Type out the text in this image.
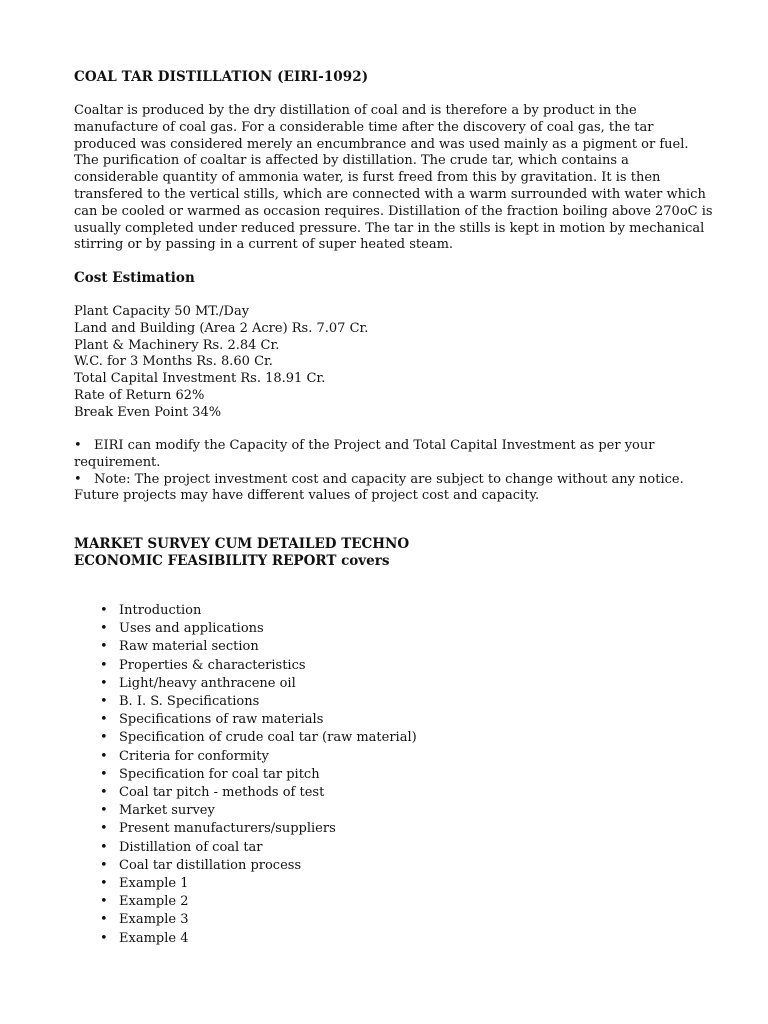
COAL TAR DISTILLATION (EIRI-1092)

Coaltar is produced by the dry distillation of coal and is therefore a by product in the manufacture of coal gas. For a considerable time after the discovery of coal gas, the tar produced was considered merely an encumbrance and was used mainly as a pigment or fuel. The purification of coaltar is affected by distillation. The crude tar, which contains a considerable quantity of ammonia water, is furst freed from this by gravitation. It is then transfered to the vertical stills, which are connected with a warm surrounded with water which can be cooled or warmed as occasion requires. Distillation of the fraction boiling above 270oC is usually completed under reduced pressure. The tar in the stills is kept in motion by mechanical stirring or by passing in a current of super heated steam.

Cost Estimation
Plant Capacity 50 MT./Day
Land and Building (Area 2 Acre) Rs. 7.07 Cr.
Plant & Machinery Rs. 2.84 Cr.
W.C. for 3 Months Rs. 8.60 Cr.
Total Capital Investment Rs. 18.91 Cr.
Rate of Return 62%
Break Even Point 34%
• EIRI can modify the Capacity of the Project and Total Capital Investment as per your requirement.
• Note: The project investment cost and capacity are subject to change without any notice. Future projects may have different values of project cost and capacity.
MARKET SURVEY CUM DETAILED TECHNO
ECONOMIC FEASIBILITY REPORT covers
• Introduction
• Uses and applications
• Raw material section
• Properties & characteristics
• Light/heavy anthracene oil
• B. I. S. Specifications
• Specifications of raw materials
• Specification of crude coal tar (raw material)
• Criteria for conformity
• Specification for coal tar pitch
• Coal tar pitch - methods of test
• Market survey
• Present manufacturers/suppliers
• Distillation of coal tar
• Coal tar distillation process
• Example 1
• Example 2
• Example 3
• Example 4
